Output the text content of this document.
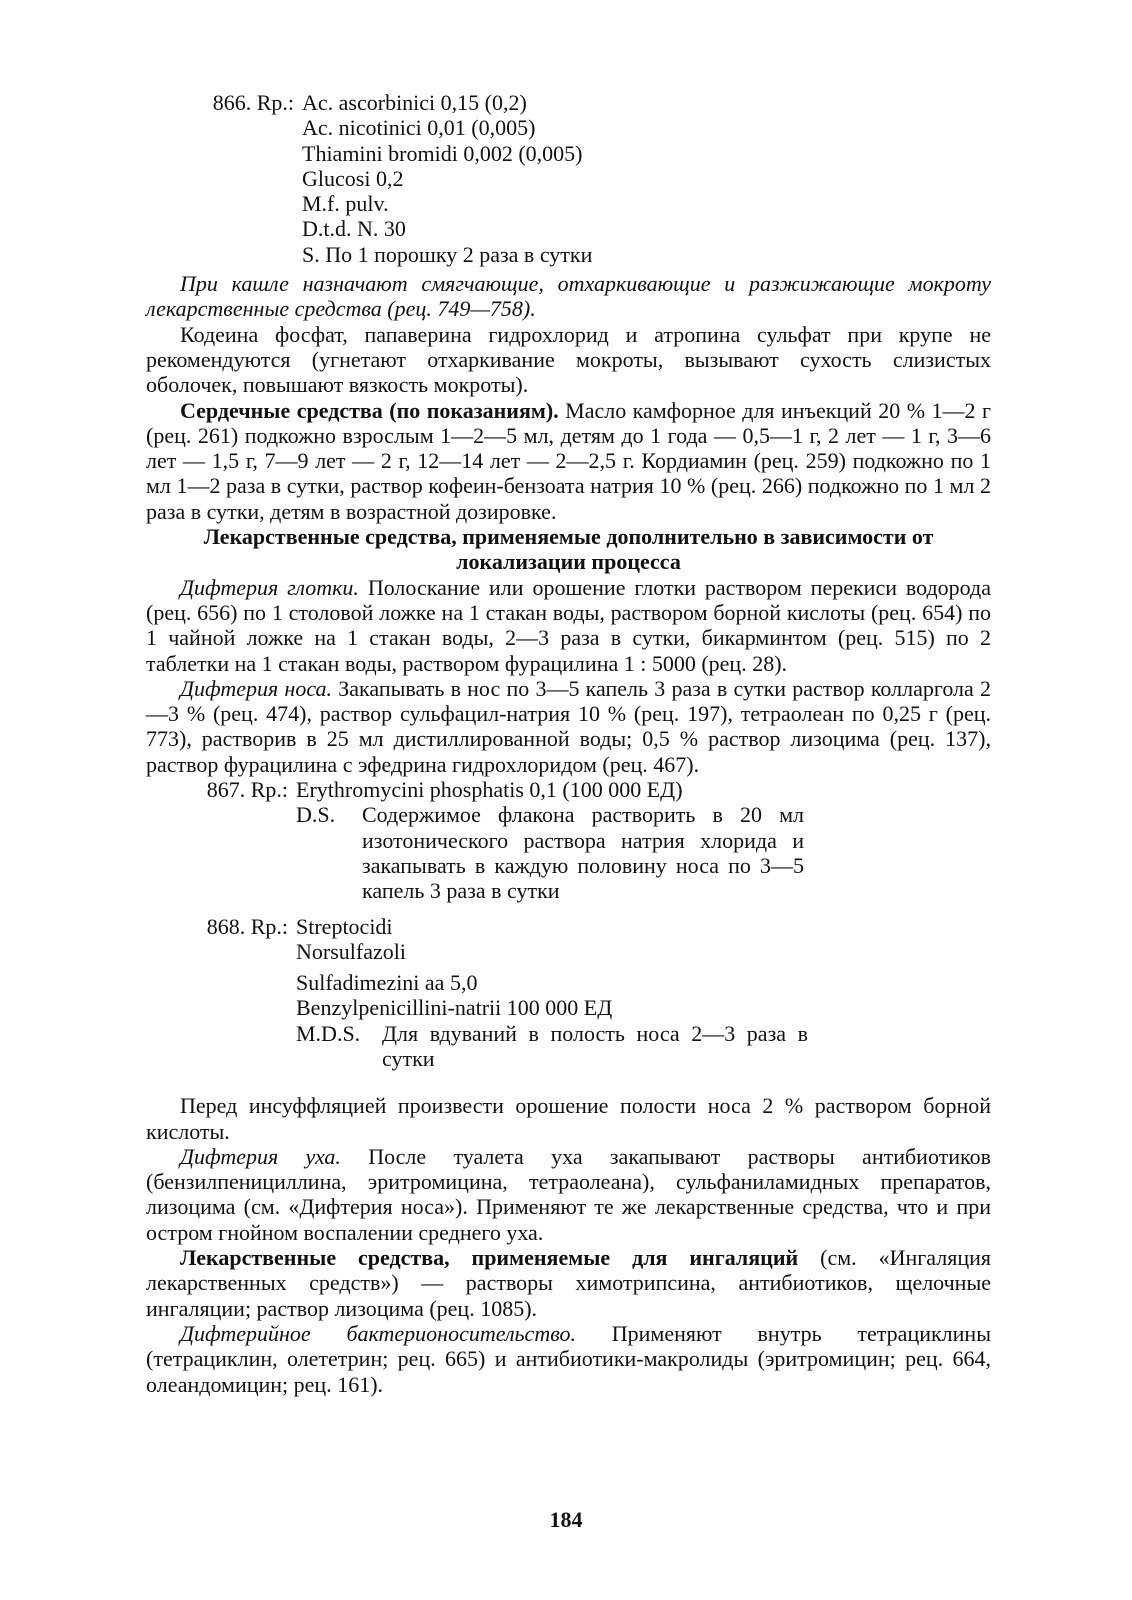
866. Rp.: Ac. ascorbinici 0,15 (0,2)
Ac. nicotinici 0,01 (0,005)
Thiamini bromidi 0,002 (0,005)
Glucosi 0,2
M.f. pulv.
D.t.d. N. 30
S. По 1 порошку 2 раза в сутки

При кашле назначают смягчающие, отхаркивающие и разжижающие мокроту лекарственные средства (рец. 749—758).

Кодеина фосфат, папаверина гидрохлорид и атропина сульфат при крупе не рекомендуются (угнетают отхаркивание мокроты, вызывают сухость слизистых оболочек, повышают вязкость мокроты).

Сердечные средства (по показаниям). Масло камфорное для инъекций 20 % 1—2 г (рец. 261) подкожно взрослым 1—2—5 мл, детям до 1 года — 0,5—1 г, 2 лет — 1 г, 3—6 лет — 1,5 г, 7—9 лет — 2 г, 12—14 лет — 2—2,5 г. Кордиамин (рец. 259) подкожно по 1 мл 1—2 раза в сутки, раствор кофеин-бензоата натрия 10 % (рец. 266) подкожно по 1 мл 2 раза в сутки, детям в возрастной дозировке.

Лекарственные средства, применяемые дополнительно в зависимости от локализации процесса

Дифтерия глотки. Полоскание или орошение глотки раствором перекиси водорода (рец. 656) по 1 столовой ложке на 1 стакан воды, раствором борной кислоты (рец. 654) по 1 чайной ложке на 1 стакан воды, 2—3 раза в сутки, бикарминтом (рец. 515) по 2 таблетки на 1 стакан воды, раствором фурацилина 1 : 5000 (рец. 28).

Дифтерия носа. Закапывать в нос по 3—5 капель 3 раза в сутки раствор колларгола 2—3 % (рец. 474), раствор сульфацил-натрия 10 % (рец. 197), тетраолеан по 0,25 г (рец. 773), растворив в 25 мл дистиллированной воды; 0,5 % раствор лизоцима (рец. 137), раствор фурацилина с эфедрина гидрохлоридом (рец. 467).

867. Rp.: Erythromycini phosphatis 0,1 (100 000 ЕД)
D.S.	Содержимое флакона растворить в 20 мл изотонического раствора натрия хлорида и закапывать в каждую половину носа по 3—5 капель 3 раза в сутки
868. Rp.: Streptocidi
Norsulfazoli
Sulfadimezini aa 5,0
Benzylpenicillini-natrii 100 000 ЕД
M.D.S. Для вдуваний в полость носа 2—3 раза в сутки

Перед инсуффляцией произвести орошение полости носа 2 % раствором борной кислоты.

Дифтерия уха. После туалета уха закапывают растворы антибиотиков (бензилпенициллина, эритромицина, тетраолеана), сульфаниламидных препаратов, лизоцима (см. «Дифтерия носа»). Применяют те же лекарственные средства, что и при остром гнойном воспалении среднего уха.

Лекарственные средства, применяемые для ингаляций (см. «Ингаляция лекарственных средств») — растворы химотрипсина, антибиотиков, щелочные ингаляции; раствор лизоцима (рец. 1085).

Дифтерийное бактерионосительство. Применяют внутрь тетрациклины (тетрациклин, олететрин; рец. 665) и антибиотики-макролиды (эритромицин; рец. 664, олеандомицин; рец. 161).

184
